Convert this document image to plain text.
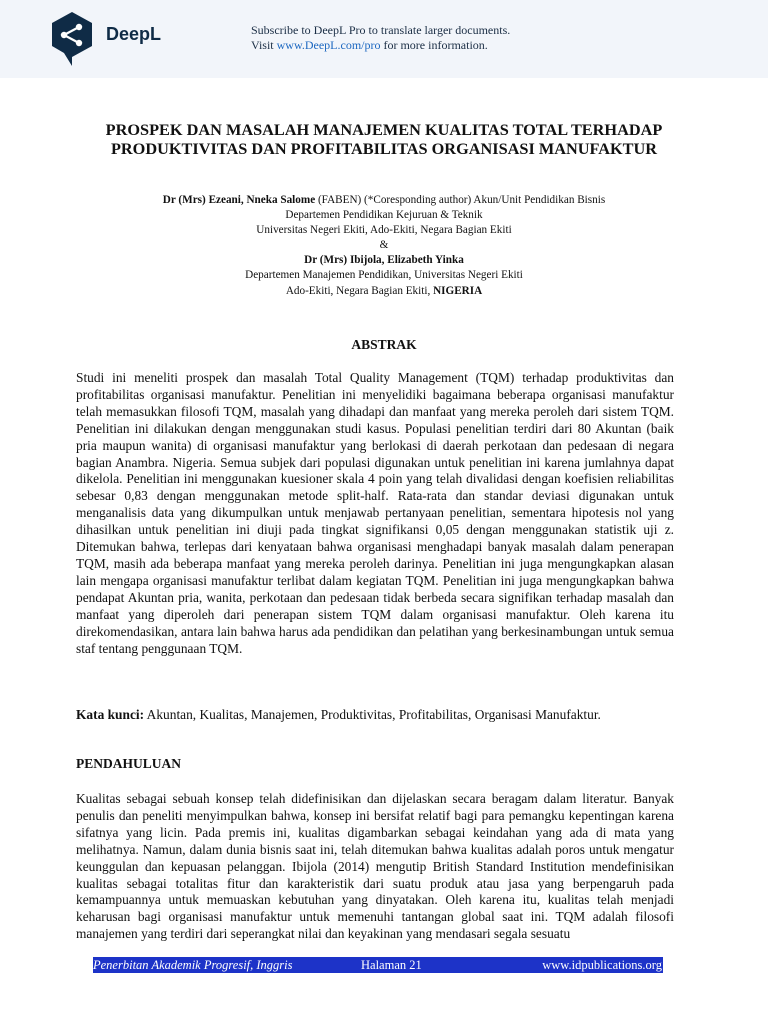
DeepL	Subscribe to DeepL Pro to translate larger documents.
Visit www.DeepL.com/pro for more information.
PROSPEK DAN MASALAH MANAJEMEN KUALITAS TOTAL TERHADAP PRODUKTIVITAS DAN PROFITABILITAS ORGANISASI MANUFAKTUR
Dr (Mrs) Ezeani, Nneka Salome (FABEN) (*Coresponding author) Akun/Unit Pendidikan Bisnis
Departemen Pendidikan Kejuruan & Teknik
Universitas Negeri Ekiti, Ado-Ekiti, Negara Bagian Ekiti
&
Dr (Mrs) Ibijola, Elizabeth Yinka
Departemen Manajemen Pendidikan, Universitas Negeri Ekiti
Ado-Ekiti, Negara Bagian Ekiti, NIGERIA
ABSTRAK
Studi ini meneliti prospek dan masalah Total Quality Management (TQM) terhadap produktivitas dan profitabilitas organisasi manufaktur. Penelitian ini menyelidiki bagaimana beberapa organisasi manufaktur telah memasukkan filosofi TQM, masalah yang dihadapi dan manfaat yang mereka peroleh dari sistem TQM. Penelitian ini dilakukan dengan menggunakan studi kasus. Populasi penelitian terdiri dari 80 Akuntan (baik pria maupun wanita) di organisasi manufaktur yang berlokasi di daerah perkotaan dan pedesaan di negara bagian Anambra. Nigeria. Semua subjek dari populasi digunakan untuk penelitian ini karena jumlahnya dapat dikelola. Penelitian ini menggunakan kuesioner skala 4 poin yang telah divalidasi dengan koefisien reliabilitas sebesar 0,83 dengan menggunakan metode split-half. Rata-rata dan standar deviasi digunakan untuk menganalisis data yang dikumpulkan untuk menjawab pertanyaan penelitian, sementara hipotesis nol yang dihasilkan untuk penelitian ini diuji pada tingkat signifikansi 0,05 dengan menggunakan statistik uji z. Ditemukan bahwa, terlepas dari kenyataan bahwa organisasi menghadapi banyak masalah dalam penerapan TQM, masih ada beberapa manfaat yang mereka peroleh darinya. Penelitian ini juga mengungkapkan alasan lain mengapa organisasi manufaktur terlibat dalam kegiatan TQM. Penelitian ini juga mengungkapkan bahwa pendapat Akuntan pria, wanita, perkotaan dan pedesaan tidak berbeda secara signifikan terhadap masalah dan manfaat yang diperoleh dari penerapan sistem TQM dalam organisasi manufaktur. Oleh karena itu direkomendasikan, antara lain bahwa harus ada pendidikan dan pelatihan yang berkesinambungan untuk semua staf tentang penggunaan TQM.
Kata kunci: Akuntan, Kualitas, Manajemen, Produktivitas, Profitabilitas, Organisasi Manufaktur.
PENDAHULUAN
Kualitas sebagai sebuah konsep telah didefinisikan dan dijelaskan secara beragam dalam literatur. Banyak penulis dan peneliti menyimpulkan bahwa, konsep ini bersifat relatif bagi para pemangku kepentingan karena sifatnya yang licin. Pada premis ini, kualitas digambarkan sebagai keindahan yang ada di mata yang melihatnya. Namun, dalam dunia bisnis saat ini, telah ditemukan bahwa kualitas adalah poros untuk mengatur keunggulan dan kepuasan pelanggan. Ibijola (2014) mengutip British Standard Institution mendefinisikan kualitas sebagai totalitas fitur dan karakteristik dari suatu produk atau jasa yang berpengaruh pada kemampuannya untuk memuaskan kebutuhan yang dinyatakan. Oleh karena itu, kualitas telah menjadi keharusan bagi organisasi manufaktur untuk memenuhi tantangan global saat ini. TQM adalah filosofi manajemen yang terdiri dari seperangkat nilai dan keyakinan yang mendasari segala sesuatu
Penerbitan Akademik Progresif, Inggris	Halaman 21	www.idpublications.org
